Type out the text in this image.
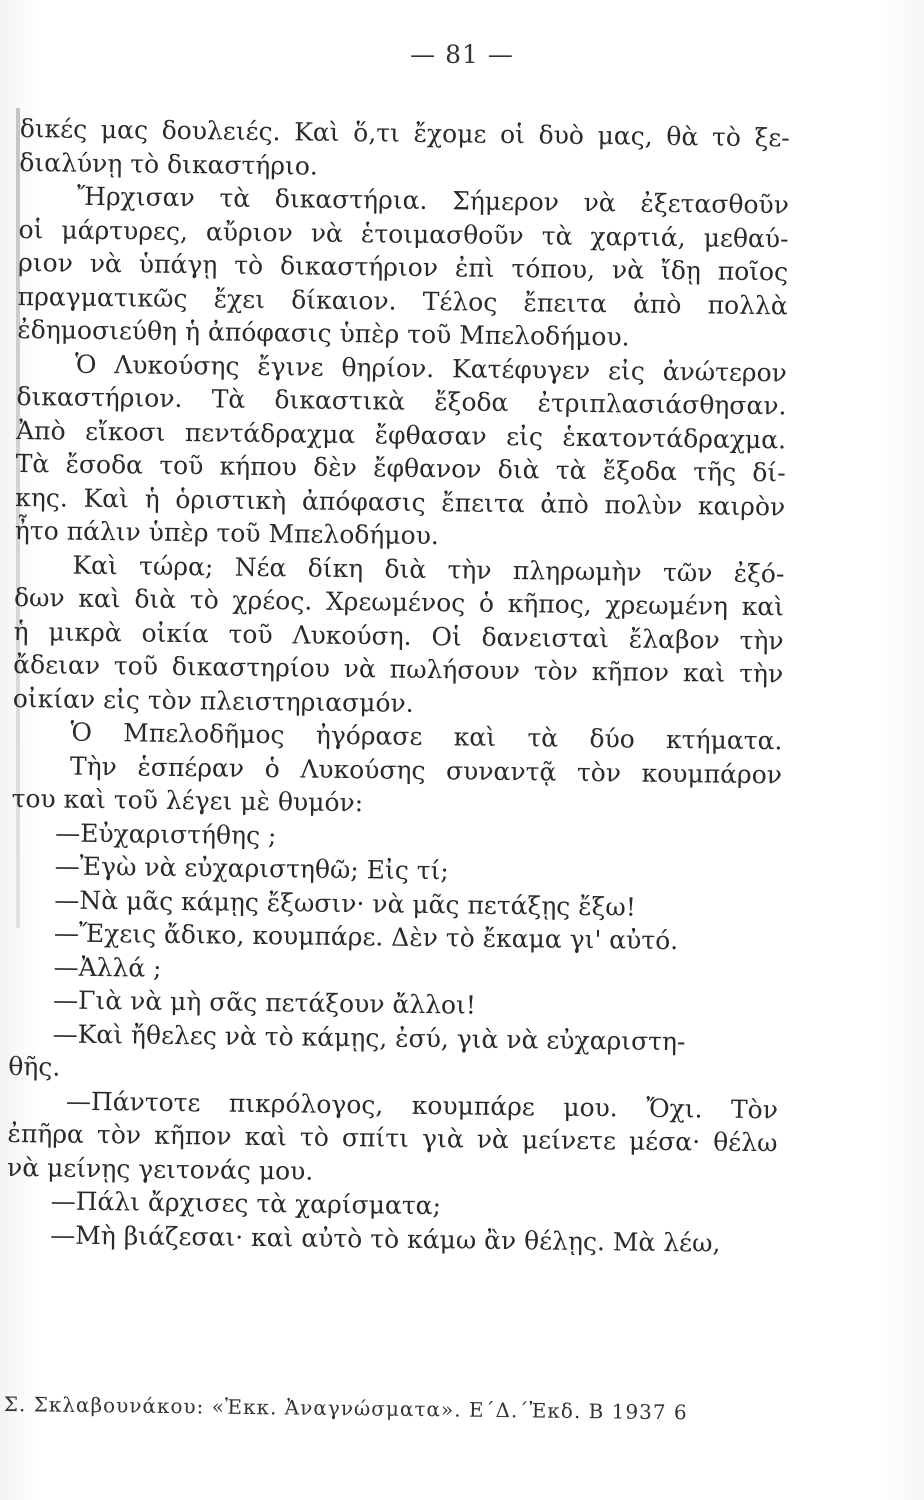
— 81 —
δικές μας δουλειές. Καὶ ὅ,τι ἔχομε οἱ δυὸ μας, θὰ τὸ ξε-
διαλύνῃ τὸ δικαστήριο.
Ἤρχισαν τὰ δικαστήρια. Σήμερον νὰ ἐξετασθοῦν
οἱ μάρτυρες, αὔριον νὰ ἑτοιμασθοῦν τὰ χαρτιά, μεθαύ-
ριον νὰ ὑπάγῃ τὸ δικαστήριον ἐπὶ τόπου, νὰ ἴδῃ ποῖος
πραγματικῶς ἔχει δίκαιον. Τέλος ἔπειτα ἀπὸ πολλὰ
ἐδημοσιεύθη ἡ ἀπόφασις ὑπὲρ τοῦ Μπελοδήμου.
Ὁ Λυκούσης ἔγινε θηρίον. Κατέφυγεν εἰς ἀνώτερον
δικαστήριον. Τὰ δικαστικὰ ἔξοδα ἐτριπλασιάσθησαν.
Ἀπὸ εἴκοσι πεντάδραχμα ἔφθασαν εἰς ἑκατοντάδραχμα.
Τὰ ἔσοδα τοῦ κήπου δὲν ἔφθανον διὰ τὰ ἔξοδα τῆς δί-
κης. Καὶ ἡ ὁριστικὴ ἀπόφασις ἔπειτα ἀπὸ πολὺν καιρὸν
ἦτο πάλιν ὑπὲρ τοῦ Μπελοδήμου.
Καὶ τώρα; Νέα δίκη διὰ τὴν πληρωμὴν τῶν ἐξό-
δων καὶ διὰ τὸ χρέος. Χρεωμένος ὁ κῆπος, χρεωμένη καὶ
ἡ μικρὰ οἰκία τοῦ Λυκούση. Οἱ δανεισταὶ ἔλαβον τὴν
ἄδειαν τοῦ δικαστηρίου νὰ πωλήσουν τὸν κῆπον καὶ τὴν
οἰκίαν εἰς τὸν πλειστηριασμόν.
Ὁ Μπελοδῆμος ἠγόρασε καὶ τὰ δύο κτήματα.
Τὴν ἑσπέραν ὁ Λυκούσης συναντᾷ τὸν κουμπάρον
του καὶ τοῦ λέγει μὲ θυμόν:
—Εὐχαριστήθης ;
—Ἐγὼ νὰ εὐχαριστηθῶ; Εἰς τί;
—Νὰ μᾶς κάμῃς ἔξωσιν· νὰ μᾶς πετάξῃς ἔξω!
—Ἔχεις ἄδικο, κουμπάρε. Δὲν τὸ ἔκαμα γι' αὐτό.
—Ἀλλά ;
—Γιὰ νὰ μὴ σᾶς πετάξουν ἄλλοι!
—Καὶ ἤθελες νὰ τὸ κάμῃς, ἐσύ, γιὰ νὰ εὐχαριστη-
θῆς.
—Πάντοτε πικρόλογος, κουμπάρε μου. Ὄχι. Τὸν
ἐπῆρα τὸν κῆπον καὶ τὸ σπίτι γιὰ νὰ μείνετε μέσα· θέλω
νὰ μείνῃς γειτονάς μου.
—Πάλι ἄρχισες τὰ χαρίσματα;
—Μὴ βιάζεσαι· καὶ αὐτὸ τὸ κάμω ἂν θέλῃς. Μὰ λέω,
Σ. Σκλαβουνάκου: «Ἐκκ. Ἀναγνώσματα». Ε΄Δ.΄Ἐκδ. Β 1937 6
